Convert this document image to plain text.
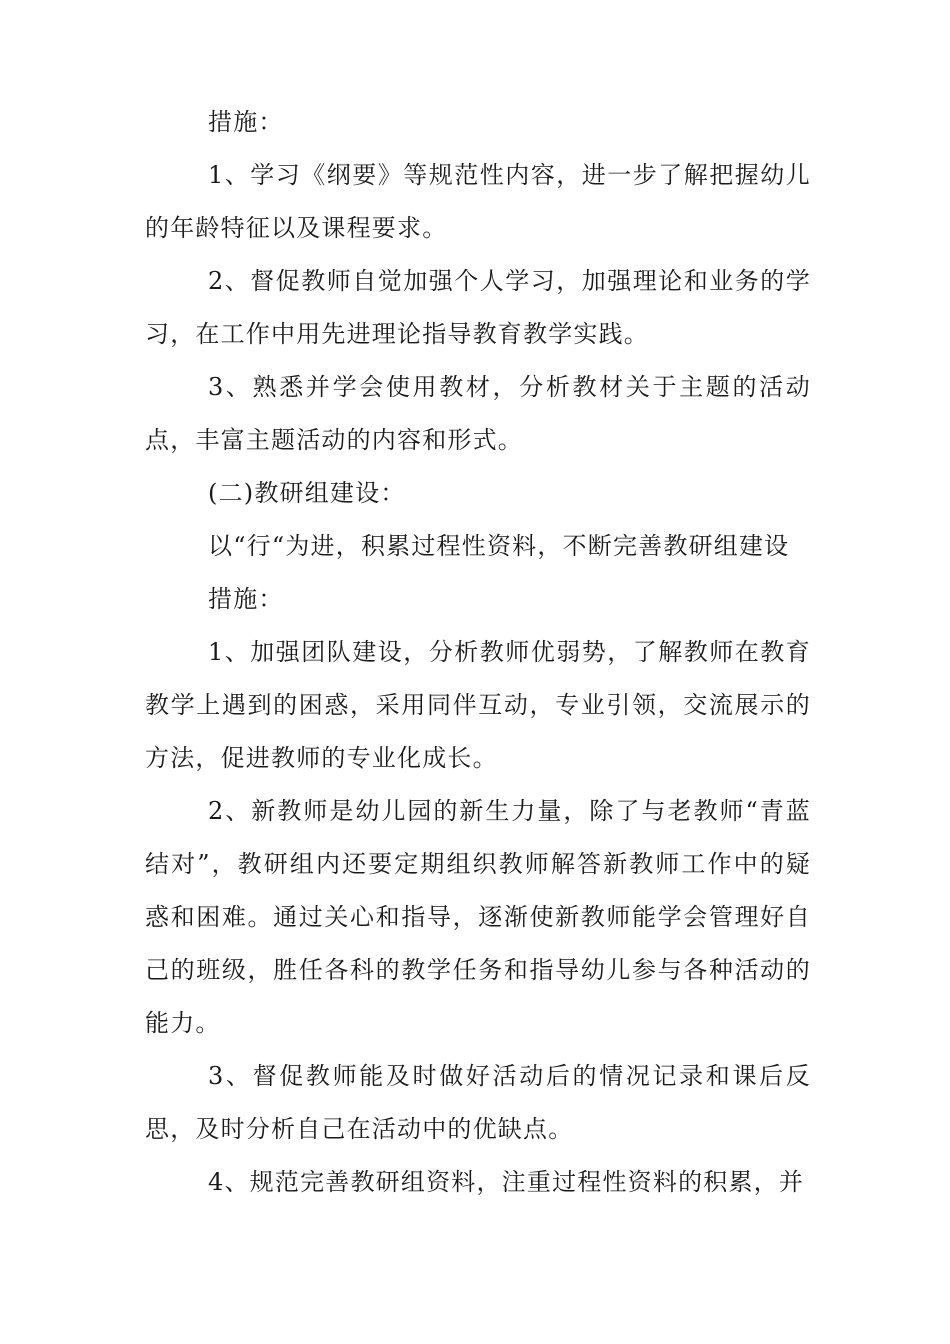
措施：

1、学习《纲要》等规范性内容，进一步了解把握幼儿的年龄特征以及课程要求。

2、督促教师自觉加强个人学习，加强理论和业务的学习，在工作中用先进理论指导教育教学实践。

3、熟悉并学会使用教材，分析教材关于主题的活动点，丰富主题活动的内容和形式。

(二)教研组建设：

以“行“为进，积累过程性资料，不断完善教研组建设

措施：

1、加强团队建设，分析教师优弱势，了解教师在教育教学上遇到的困惑，采用同伴互动，专业引领，交流展示的方法，促进教师的专业化成长。

2、新教师是幼儿园的新生力量，除了与老教师“青蓝结对”，教研组内还要定期组织教师解答新教师工作中的疑惑和困难。通过关心和指导，逐渐使新教师能学会管理好自己的班级，胜任各科的教学任务和指导幼儿参与各种活动的能力。

3、督促教师能及时做好活动后的情况记录和课后反思，及时分析自己在活动中的优缺点。

4、规范完善教研组资料，注重过程性资料的积累，并
